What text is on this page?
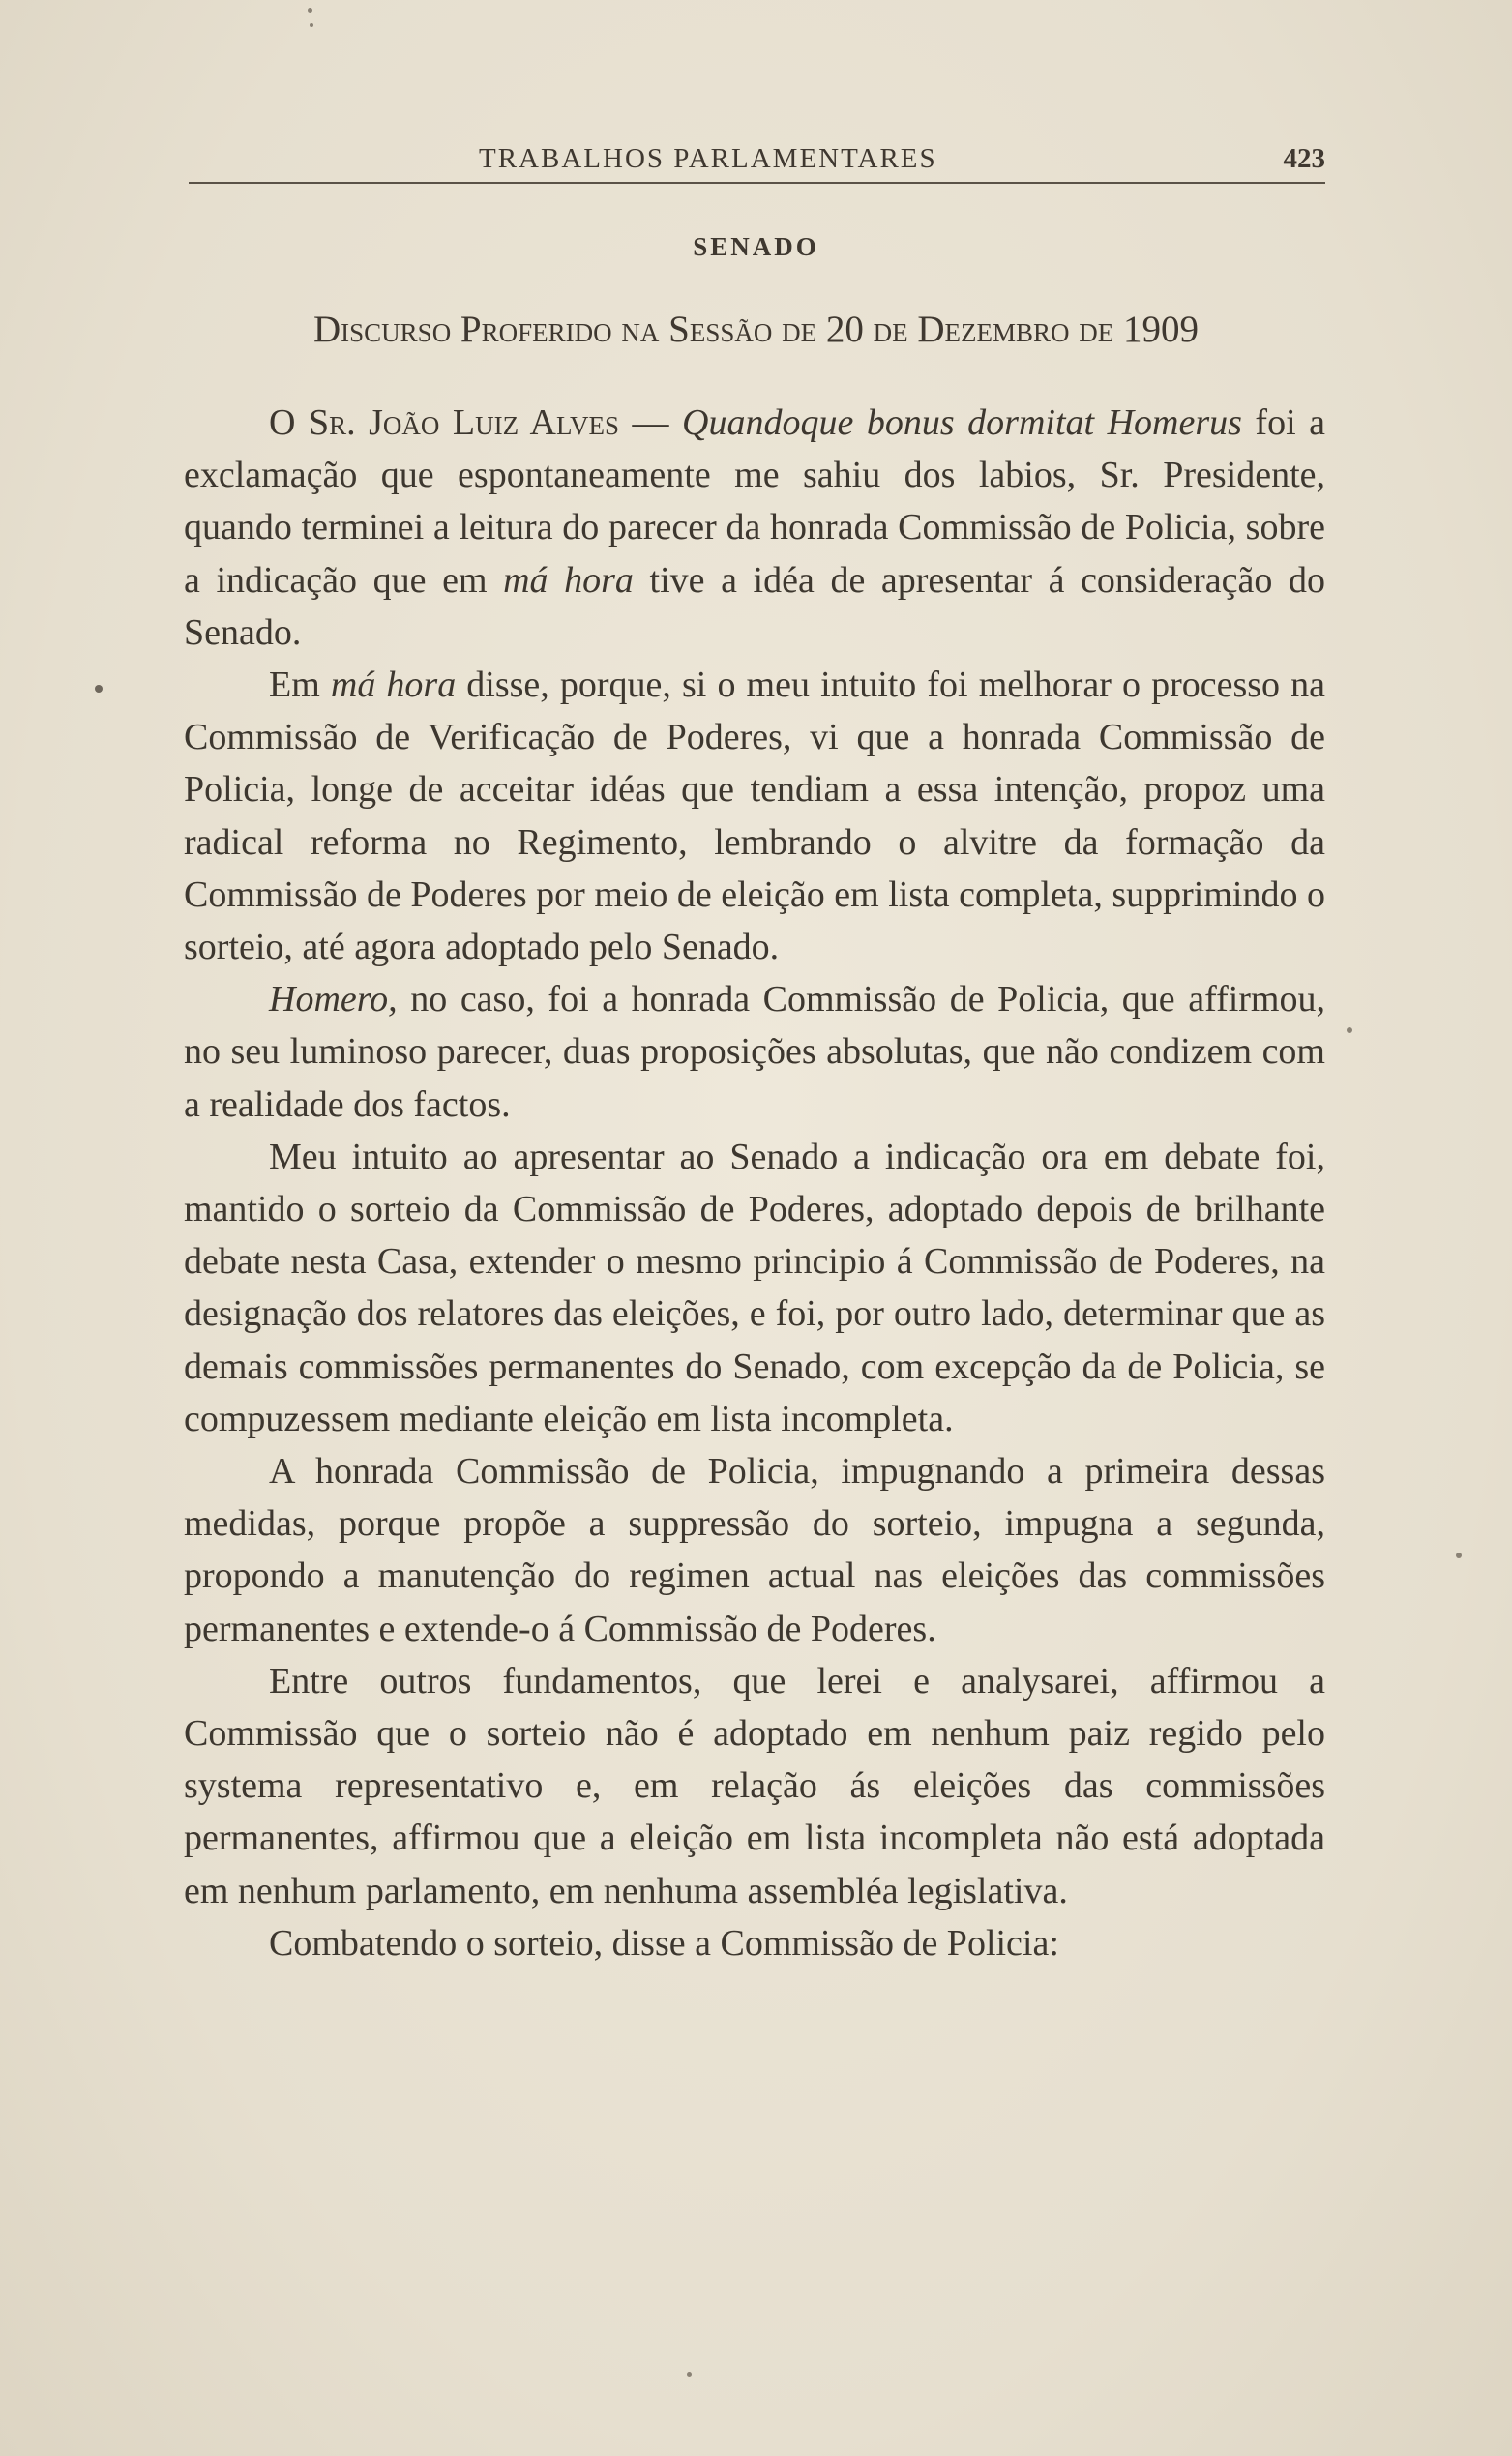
TRABALHOS PARLAMENTARES	423
SENADO
Discurso Proferido na Sessão de 20 de Dezembro de 1909

O Sr. João Luiz Alves — Quandoque bonus dormitat Homerus foi a exclamação que espontaneamente me sahiu dos labios, Sr. Presidente, quando terminei a leitura do parecer da honrada Commissão de Policia, sobre a indicação que em má hora tive a idéa de apresentar á consideração do Senado.

Em má hora disse, porque, si o meu intuito foi melhorar o processo na Commissão de Verificação de Poderes, vi que a honrada Commissão de Policia, longe de acceitar idéas que tendiam a essa intenção, propoz uma radical reforma no Regimento, lembrando o alvitre da formação da Commissão de Poderes por meio de eleição em lista completa, supprimindo o sorteio, até agora adoptado pelo Senado.

Homero, no caso, foi a honrada Commissão de Policia, que affirmou, no seu luminoso parecer, duas proposições absolutas, que não condizem com a realidade dos factos.

Meu intuito ao apresentar ao Senado a indicação ora em debate foi, mantido o sorteio da Commissão de Poderes, adoptado depois de brilhante debate nesta Casa, extender o mesmo principio á Commissão de Poderes, na designação dos relatores das eleições, e foi, por outro lado, determinar que as demais commissões permanentes do Senado, com excepção da de Policia, se compuzessem mediante eleição em lista incompleta.

A honrada Commissão de Policia, impugnando a primeira dessas medidas, porque propõe a suppressão do sorteio, impugna a segunda, propondo a manutenção do regimen actual nas eleições das commissões permanentes e extende-o á Commissão de Poderes.

Entre outros fundamentos, que lerei e analysarei, affirmou a Commissão que o sorteio não é adoptado em nenhum paiz regido pelo systema representativo e, em relação ás eleições das commissões permanentes, affirmou que a eleição em lista incompleta não está adoptada em nenhum parlamento, em nenhuma assembléa legislativa.

Combatendo o sorteio, disse a Commissão de Policia:
